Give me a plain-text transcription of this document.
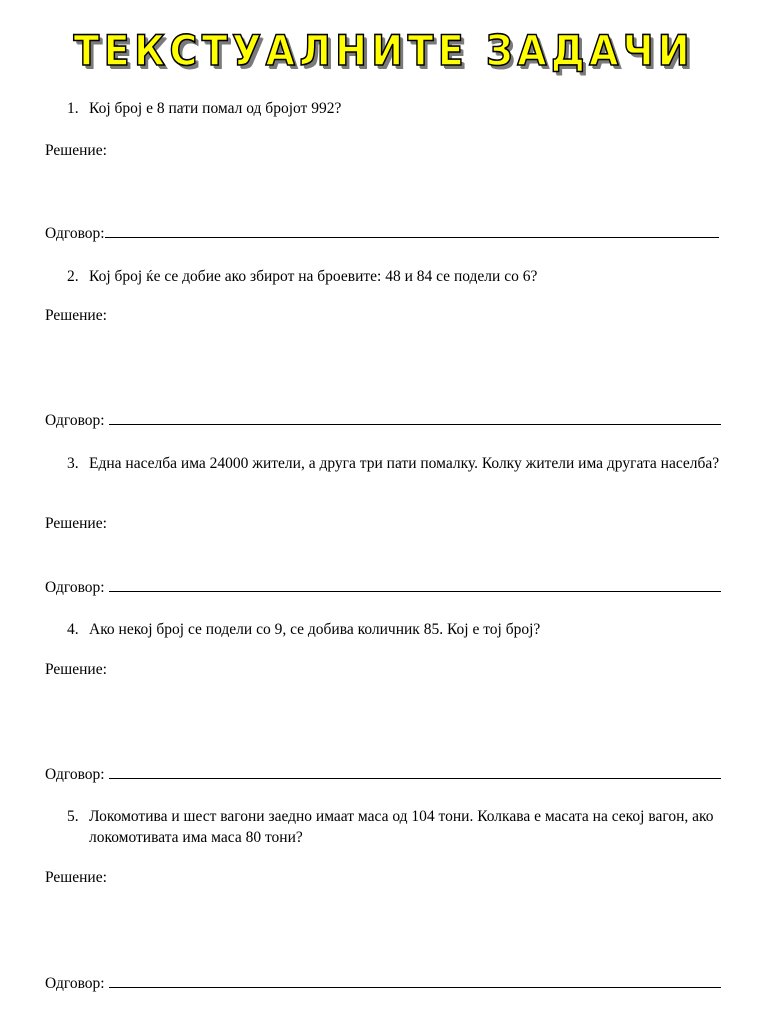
ТЕКСТУАЛНИТЕ ЗАДАЧИ
1. Кој број е 8 пати помал од бројот 992?
Решение:
Одговор:
2. Кој број ќе се добие ако збирот на броевите: 48 и 84 се подели со 6?
Решение:
Одговор:
3. Една населба има 24000 жители, а друга три пати помалку. Колку жители има другата населба?
Решение:
Одговор:
4. Ако некој број се подели со 9, се добива количник 85. Кој е тој број?
Решение:
Одговор:
5. Локомотива и шест вагони заедно имаат маса од 104 тони. Колкава е масата на секој вагон, ако локомотивата има маса 80 тони?
Решение:
Одговор:
